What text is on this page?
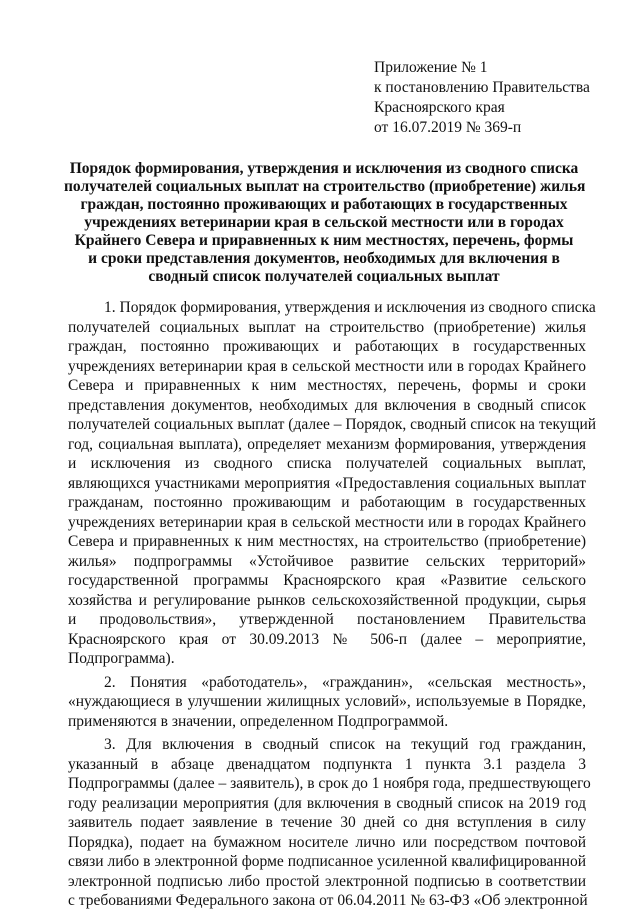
Приложение № 1
к постановлению Правительства
Красноярского края
от 16.07.2019 № 369-п
Порядок формирования, утверждения и исключения из сводного списка
получателей социальных выплат на строительство (приобретение) жилья
граждан, постоянно проживающих и работающих в государственных
учреждениях ветеринарии края в сельской местности или в городах
Крайнего Севера и приравненных к ним местностях, перечень, формы
и сроки представления документов, необходимых для включения в
сводный список получателей социальных выплат
1. Порядок формирования, утверждения и исключения из сводного списка
получателей социальных выплат на строительство (приобретение) жилья
граждан, постоянно проживающих и работающих в государственных
учреждениях ветеринарии края в сельской местности или в городах Крайнего
Севера и приравненных к ним местностях, перечень, формы и сроки
представления документов, необходимых для включения в сводный список
получателей социальных выплат (далее – Порядок, сводный список на текущий
год, социальная выплата), определяет механизм формирования, утверждения
и исключения из сводного списка получателей социальных выплат,
являющихся участниками мероприятия «Предоставления социальных выплат
гражданам, постоянно проживающим и работающим в государственных
учреждениях ветеринарии края в сельской местности или в городах Крайнего
Севера и приравненных к ним местностях, на строительство (приобретение)
жилья» подпрограммы «Устойчивое развитие сельских территорий»
государственной программы Красноярского края «Развитие сельского
хозяйства и регулирование рынков сельскохозяйственной продукции, сырья
и продовольствия», утвержденной постановлением Правительства
Красноярского края от 30.09.2013 № 506-п (далее – мероприятие,
Подпрограмма).
2. Понятия «работодатель», «гражданин», «сельская местность»,
«нуждающиеся в улучшении жилищных условий», используемые в Порядке,
применяются в значении, определенном Подпрограммой.
3. Для включения в сводный список на текущий год гражданин,
указанный в абзаце двенадцатом подпункта 1 пункта 3.1 раздела 3
Подпрограммы (далее – заявитель), в срок до 1 ноября года, предшествующего
году реализации мероприятия (для включения в сводный список на 2019 год
заявитель подает заявление в течение 30 дней со дня вступления в силу
Порядка), подает на бумажном носителе лично или посредством почтовой
связи либо в электронной форме подписанное усиленной квалифицированной
электронной подписью либо простой электронной подписью в соответствии
с требованиями Федерального закона от 06.04.2011 № 63-ФЗ «Об электронной
